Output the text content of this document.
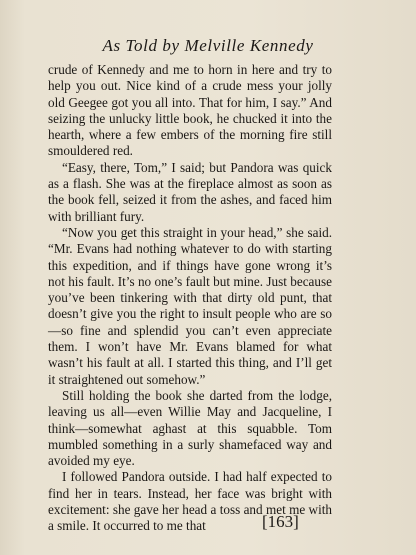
As Told by Melville Kennedy

crude of Kennedy and me to horn in here and try to help you out. Nice kind of a crude mess your jolly old Geegee got you all into. That for him, I say.” And seizing the unlucky little book, he chucked it into the hearth, where a few embers of the morning fire still smouldered red.

“Easy, there, Tom,” I said; but Pandora was quick as a flash. She was at the fireplace almost as soon as the book fell, seized it from the ashes, and faced him with brilliant fury.

“Now you get this straight in your head,” she said. “Mr. Evans had nothing whatever to do with starting this expedition, and if things have gone wrong it’s not his fault. It’s no one’s fault but mine. Just because you’ve been tinkering with that dirty old punt, that doesn’t give you the right to insult people who are so—so fine and splendid you can’t even appreciate them. I won’t have Mr. Evans blamed for what wasn’t his fault at all. I started this thing, and I’ll get it straightened out somehow.”

Still holding the book she darted from the lodge, leaving us all—even Willie May and Jacqueline, I think—somewhat aghast at this squabble. Tom mumbled something in a surly shamefaced way and avoided my eye.

I followed Pandora outside. I had half expected to find her in tears. Instead, her face was bright with excitement: she gave her head a toss and met me with a smile. It occurred to me that	[163]
